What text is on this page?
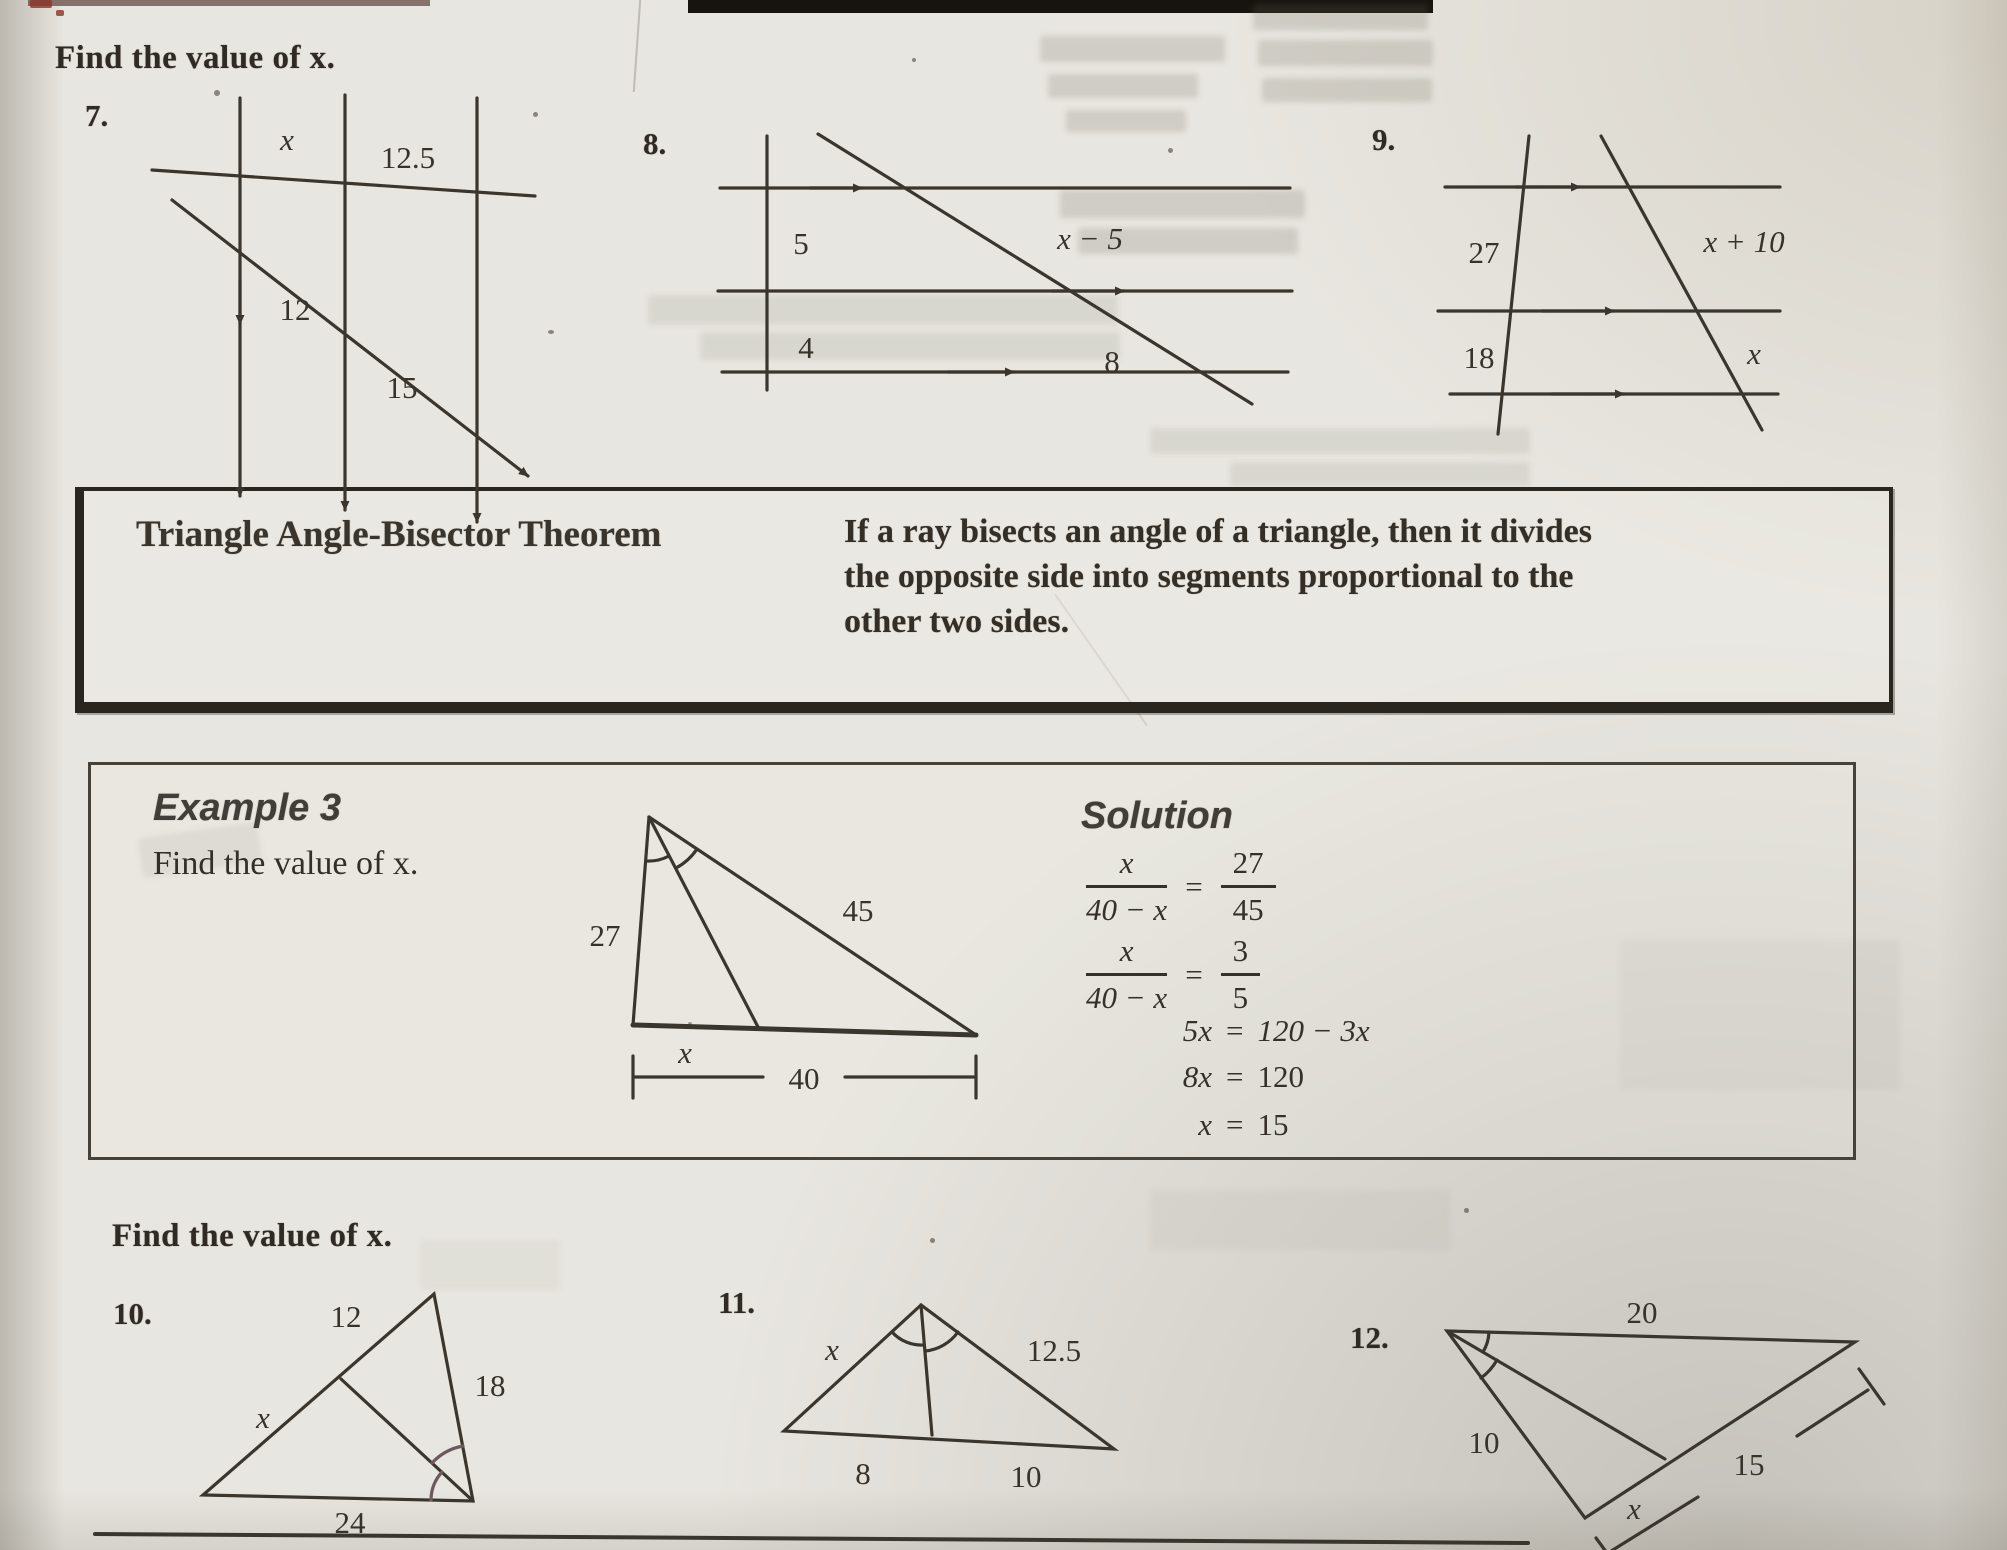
Find the value of x.
7.
8.	9.
Triangle Angle-Bisector Theorem	If a ray bisects an angle of a triangle, then it divides
the opposite side into segments proportional to the
other two sides.
Example 3
Find the value of x.
Solution
$\frac{x}{40 - x} = \frac{27}{45}$
$\frac{x}{40 - x} = \frac{3}{5}$
5x = 120 − 3x
8x = 120
x = 15
Find the value of x.
10.	11.
12.
x
12.5
12
15
5
4
x − 5
8
27
18
x + 10
x
27
45
x
40
12
18
x
24
x	12.5
8	10
20
10
x
15
